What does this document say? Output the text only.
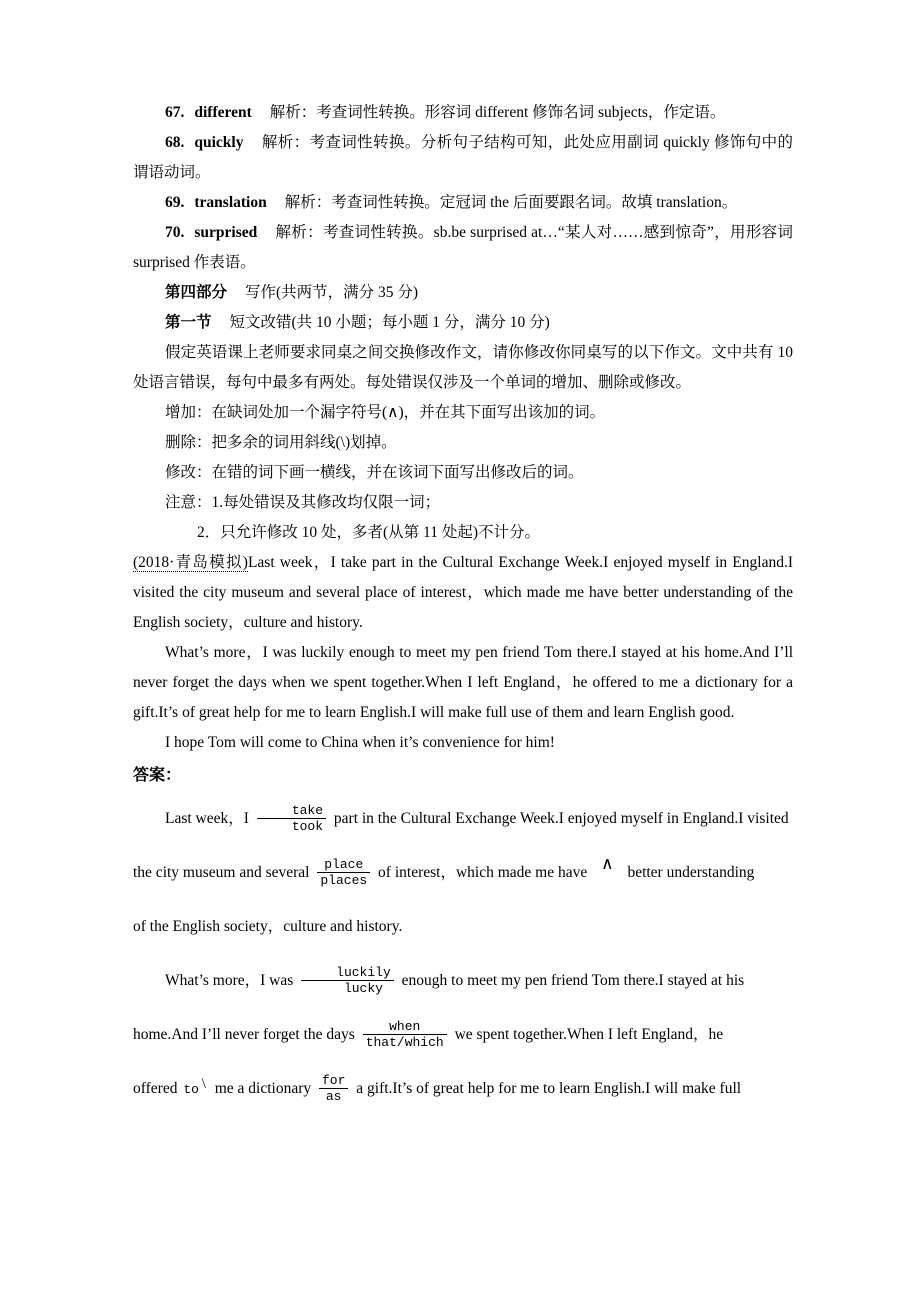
67. different 解析：考查词性转换。形容词 different 修饰名词 subjects，作定语。
68. quickly 解析：考查词性转换。分析句子结构可知，此处应用副词 quickly 修饰句中的谓语动词。
69. translation 解析：考查词性转换。定冠词 the 后面要跟名词。故填 translation。
70. surprised 解析：考查词性转换。sb.be surprised at…“某人对……感到惊奇”，用形容词 surprised 作表语。
第四部分 写作(共两节，满分 35 分)
第一节 短文改错(共 10 小题；每小题 1 分，满分 10 分)
假定英语课上老师要求同桌之间交换修改作文，请你修改你同桌写的以下作文。文中共有 10 处语言错误，每句中最多有两处。每处错误仅涉及一个单词的增加、删除或修改。
增加：在缺词处加一个漏字符号(∧)，并在其下面写出该加的词。
删除：把多余的词用斜线(\)划掉。
修改：在错的词下画一横线，并在该词下面写出修改后的词。
注意：1.每处错误及其修改均仅限一词；
2．只允许修改 10 处，多者(从第 11 处起)不计分。
(2018·青岛模拟)Last week，I take part in the Cultural Exchange Week.I enjoyed myself in England.I visited the city museum and several place of interest，which made me have better understanding of the English society，culture and history.
What’s more，I was luckily enough to meet my pen friend Tom there.I stayed at his home.And I’ll never forget the days when we spent together.When I left England，he offered to me a dictionary for a gift.It’s of great help for me to learn English.I will make full use of them and learn English good.
I hope Tom will come to China when it’s convenience for him!
答案：
Last week，I $\frac{\text{take}}{\text{took}}$ part in the Cultural Exchange Week.I enjoyed myself in England.I visited
the city museum and several $\frac{\text{place}}{\text{places}}$ of interest，which made me have ∧ better understanding
of the English society，culture and history.
What’s more，I was $\frac{\text{luckily}}{\text{lucky}}$ enough to meet my pen friend Tom there.I stayed at his
home.And I’ll never forget the days $\frac{\text{when}}{\text{that/which}}$ we spent together.When I left England，he
offered to \ me a dictionary $\frac{\text{for}}{as}$ a gift.It’s of great help for me to learn English.I will make full
